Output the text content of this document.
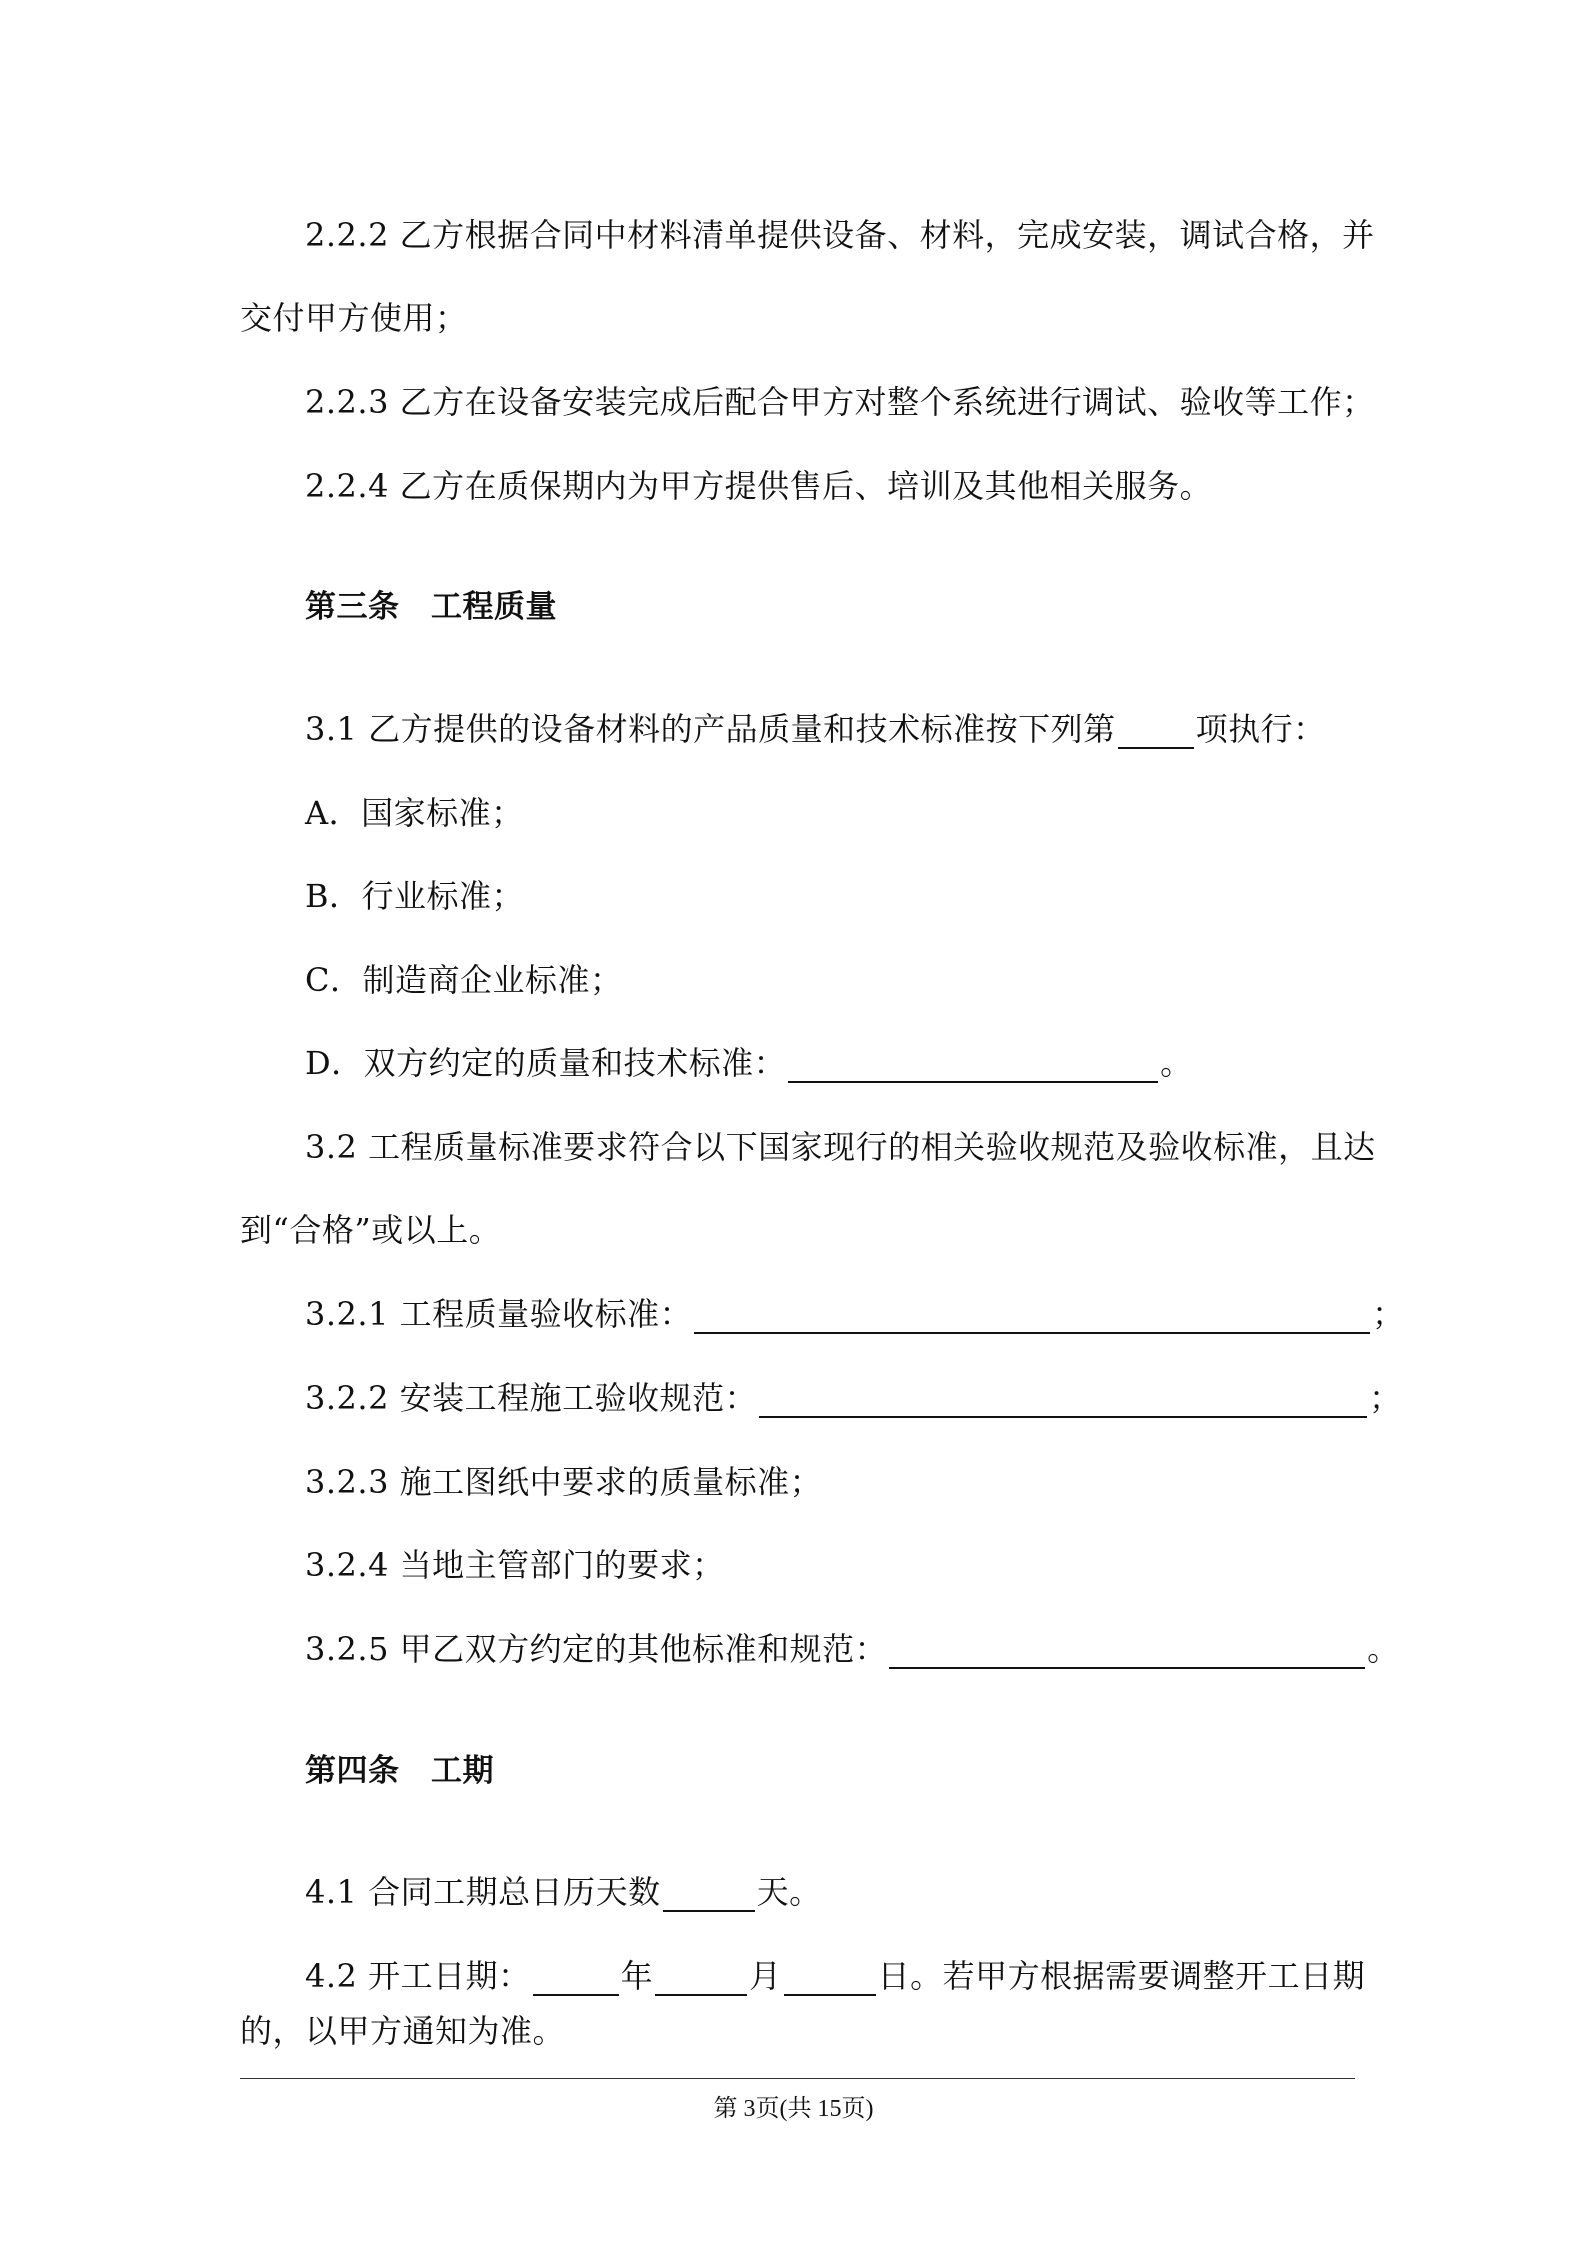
2.2.2 乙方根据合同中材料清单提供设备、材料，完成安装，调试合格，并
交付甲方使用；
2.2.3 乙方在设备安装完成后配合甲方对整个系统进行调试、验收等工作；
2.2.4 乙方在质保期内为甲方提供售后、培训及其他相关服务。
第三条　工程质量
3.1 乙方提供的设备材料的产品质量和技术标准按下列第	项执行：
A．国家标准；
B．行业标准；
C．制造商企业标准；
D．双方约定的质量和技术标准：	。
3.2 工程质量标准要求符合以下国家现行的相关验收规范及验收标准，且达
到“合格”或以上。
3.2.1 工程质量验收标准：	；
3.2.2 安装工程施工验收规范：	；
3.2.3 施工图纸中要求的质量标准；
3.2.4 当地主管部门的要求；
3.2.5 甲乙双方约定的其他标准和规范：	。
第四条　工期
4.1 合同工期总日历天数	天。
4.2 开工日期：	年	月	日。若甲方根据需要调整开工日期
的，以甲方通知为准。
第 3页(共 15页)
